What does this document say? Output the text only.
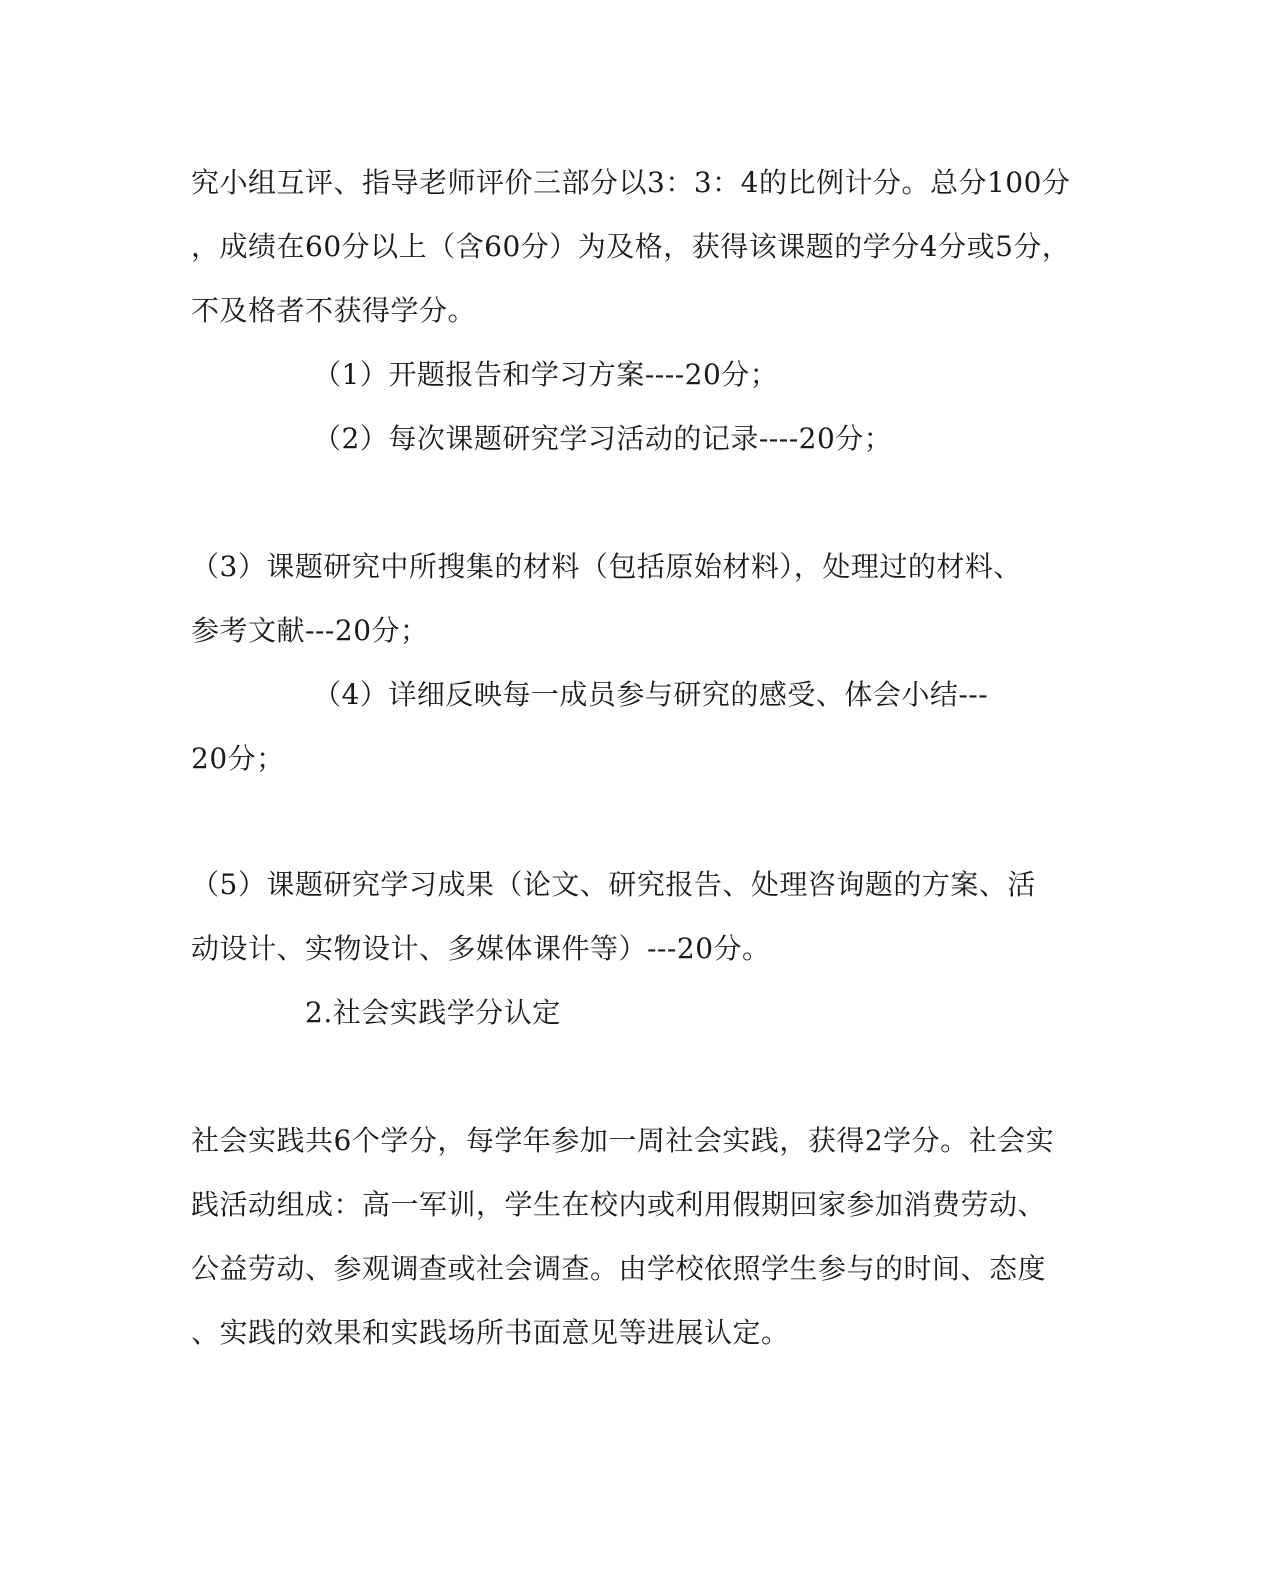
究小组互评、指导老师评价三部分以3：3：4的比例计分。总分100分
，成绩在60分以上（含60分）为及格，获得该课题的学分4分或5分，
不及格者不获得学分。
（1）开题报告和学习方案----20分；
（2）每次课题研究学习活动的记录----20分；
（3）课题研究中所搜集的材料（包括原始材料），处理过的材料、
参考文献---20分；
（4）详细反映每一成员参与研究的感受、体会小结---
20分；
（5）课题研究学习成果（论文、研究报告、处理咨询题的方案、活
动设计、实物设计、多媒体课件等）---20分。
2.社会实践学分认定
社会实践共6个学分，每学年参加一周社会实践，获得2学分。社会实
践活动组成：高一军训，学生在校内或利用假期回家参加消费劳动、
公益劳动、参观调查或社会调查。由学校依照学生参与的时间、态度
、实践的效果和实践场所书面意见等进展认定。
